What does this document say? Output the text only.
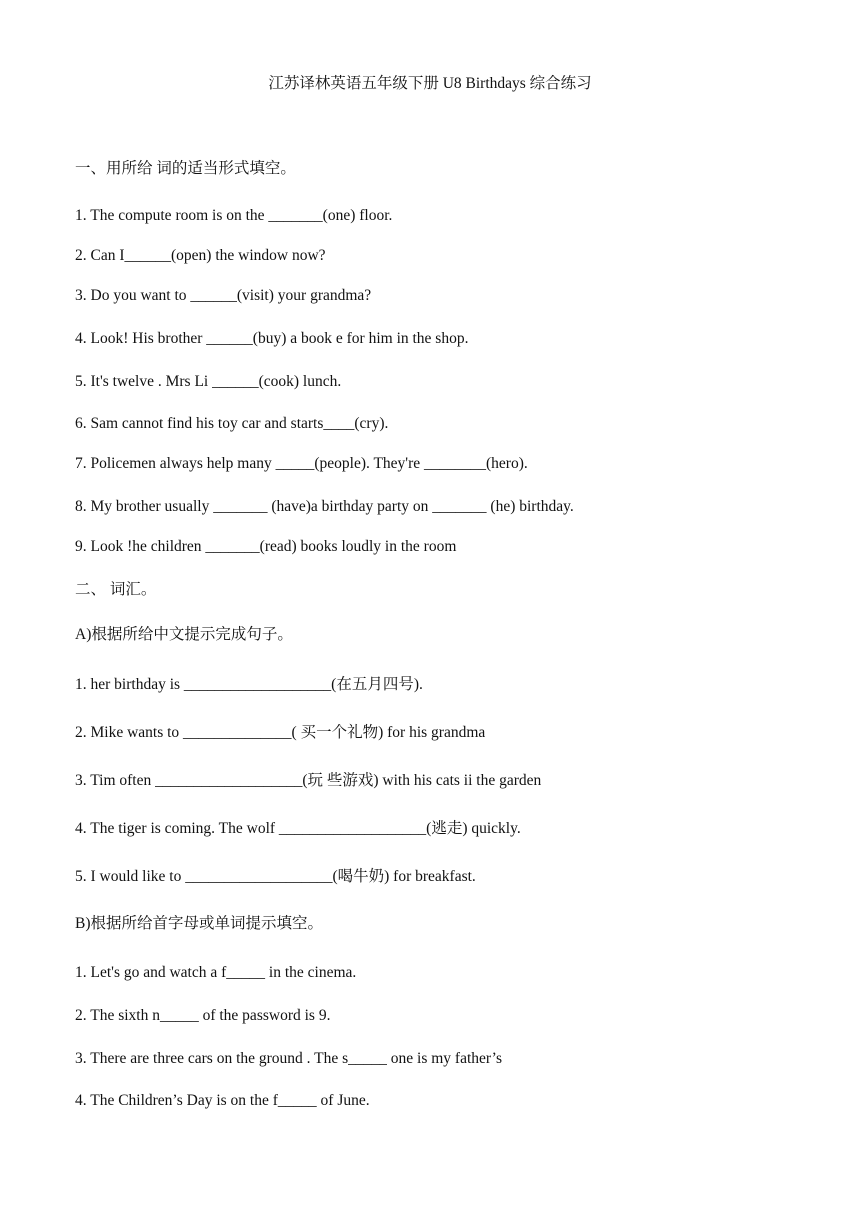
江苏译林英语五年级下册 U8 Birthdays 综合练习
一、用所给 词的适当形式填空。
1. The compute room is on the _______(one) floor.
2. Can I______(open) the window now?
3. Do you want to ______(visit) your grandma?
4. Look! His brother ______(buy) a book e for him in the shop.
5. It's twelve . Mrs Li ______(cook) lunch.
6. Sam cannot find his toy car and starts____(cry).
7. Policemen always help many _____(people). They're ________(hero).
8. My brother usually _______ (have)a birthday party on _______ (he) birthday.
9. Look !he children _______(read) books loudly in the room
二、 词汇。
A)根据所给中文提示完成句子。
1. her birthday is ___________________(在五月四号).
2. Mike wants to ______________( 买一个礼物) for his grandma
3. Tim often ___________________(玩 些游戏) with his cats ii the garden
4. The tiger is coming. The wolf ___________________(逃走) quickly.
5. I would like to ___________________(喝牛奶) for breakfast.
B)根据所给首字母或单词提示填空。
1. Let's go and watch a f_____ in the cinema.
2. The sixth n_____ of the password is 9.
3. There are three cars on the ground . The s_____ one is my father’s
4. The Children’s Day is on the f_____ of June.
